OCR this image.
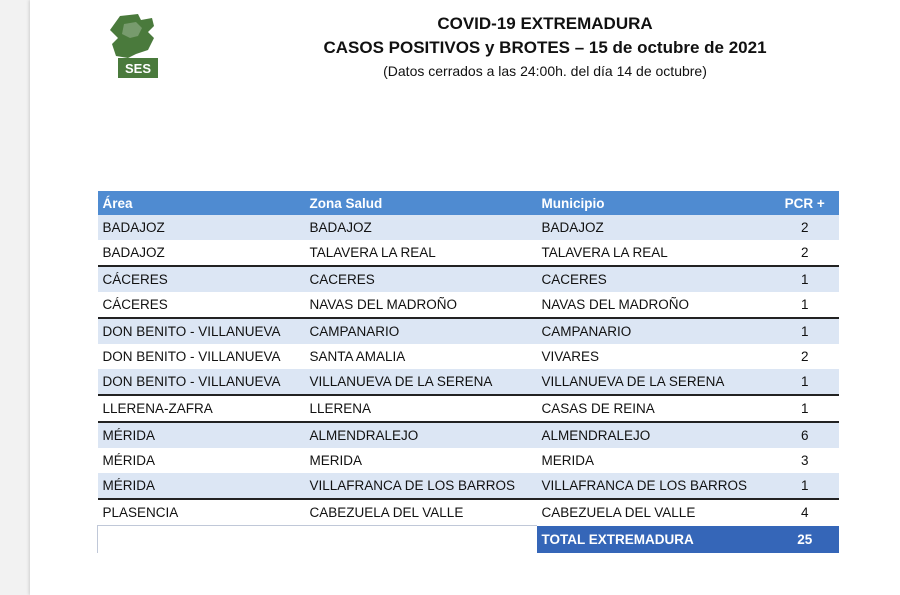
SES
COVID-19 EXTREMADURA
CASOS POSITIVOS y BROTES – 15 de octubre de 2021
(Datos cerrados a las 24:00h. del día 14 de octubre)
Área	Zona Salud	Municipio	PCR +
BADAJOZ	BADAJOZ	BADAJOZ	2
BADAJOZ	TALAVERA LA REAL	TALAVERA LA REAL	2
CÁCERES	CACERES	CACERES	1
CÁCERES	NAVAS DEL MADROÑO	NAVAS DEL MADROÑO	1
DON BENITO - VILLANUEVA	CAMPANARIO	CAMPANARIO	1
DON BENITO - VILLANUEVA	SANTA AMALIA	VIVARES	2
DON BENITO - VILLANUEVA	VILLANUEVA DE LA SERENA	VILLANUEVA DE LA SERENA	1
LLERENA-ZAFRA	LLERENA	CASAS DE REINA	1
MÉRIDA	ALMENDRALEJO	ALMENDRALEJO	6
MÉRIDA	MERIDA	MERIDA	3
MÉRIDA	VILLAFRANCA DE LOS BARROS	VILLAFRANCA DE LOS BARROS	1
PLASENCIA	CABEZUELA DEL VALLE	CABEZUELA DEL VALLE	4
		TOTAL EXTREMADURA	25
